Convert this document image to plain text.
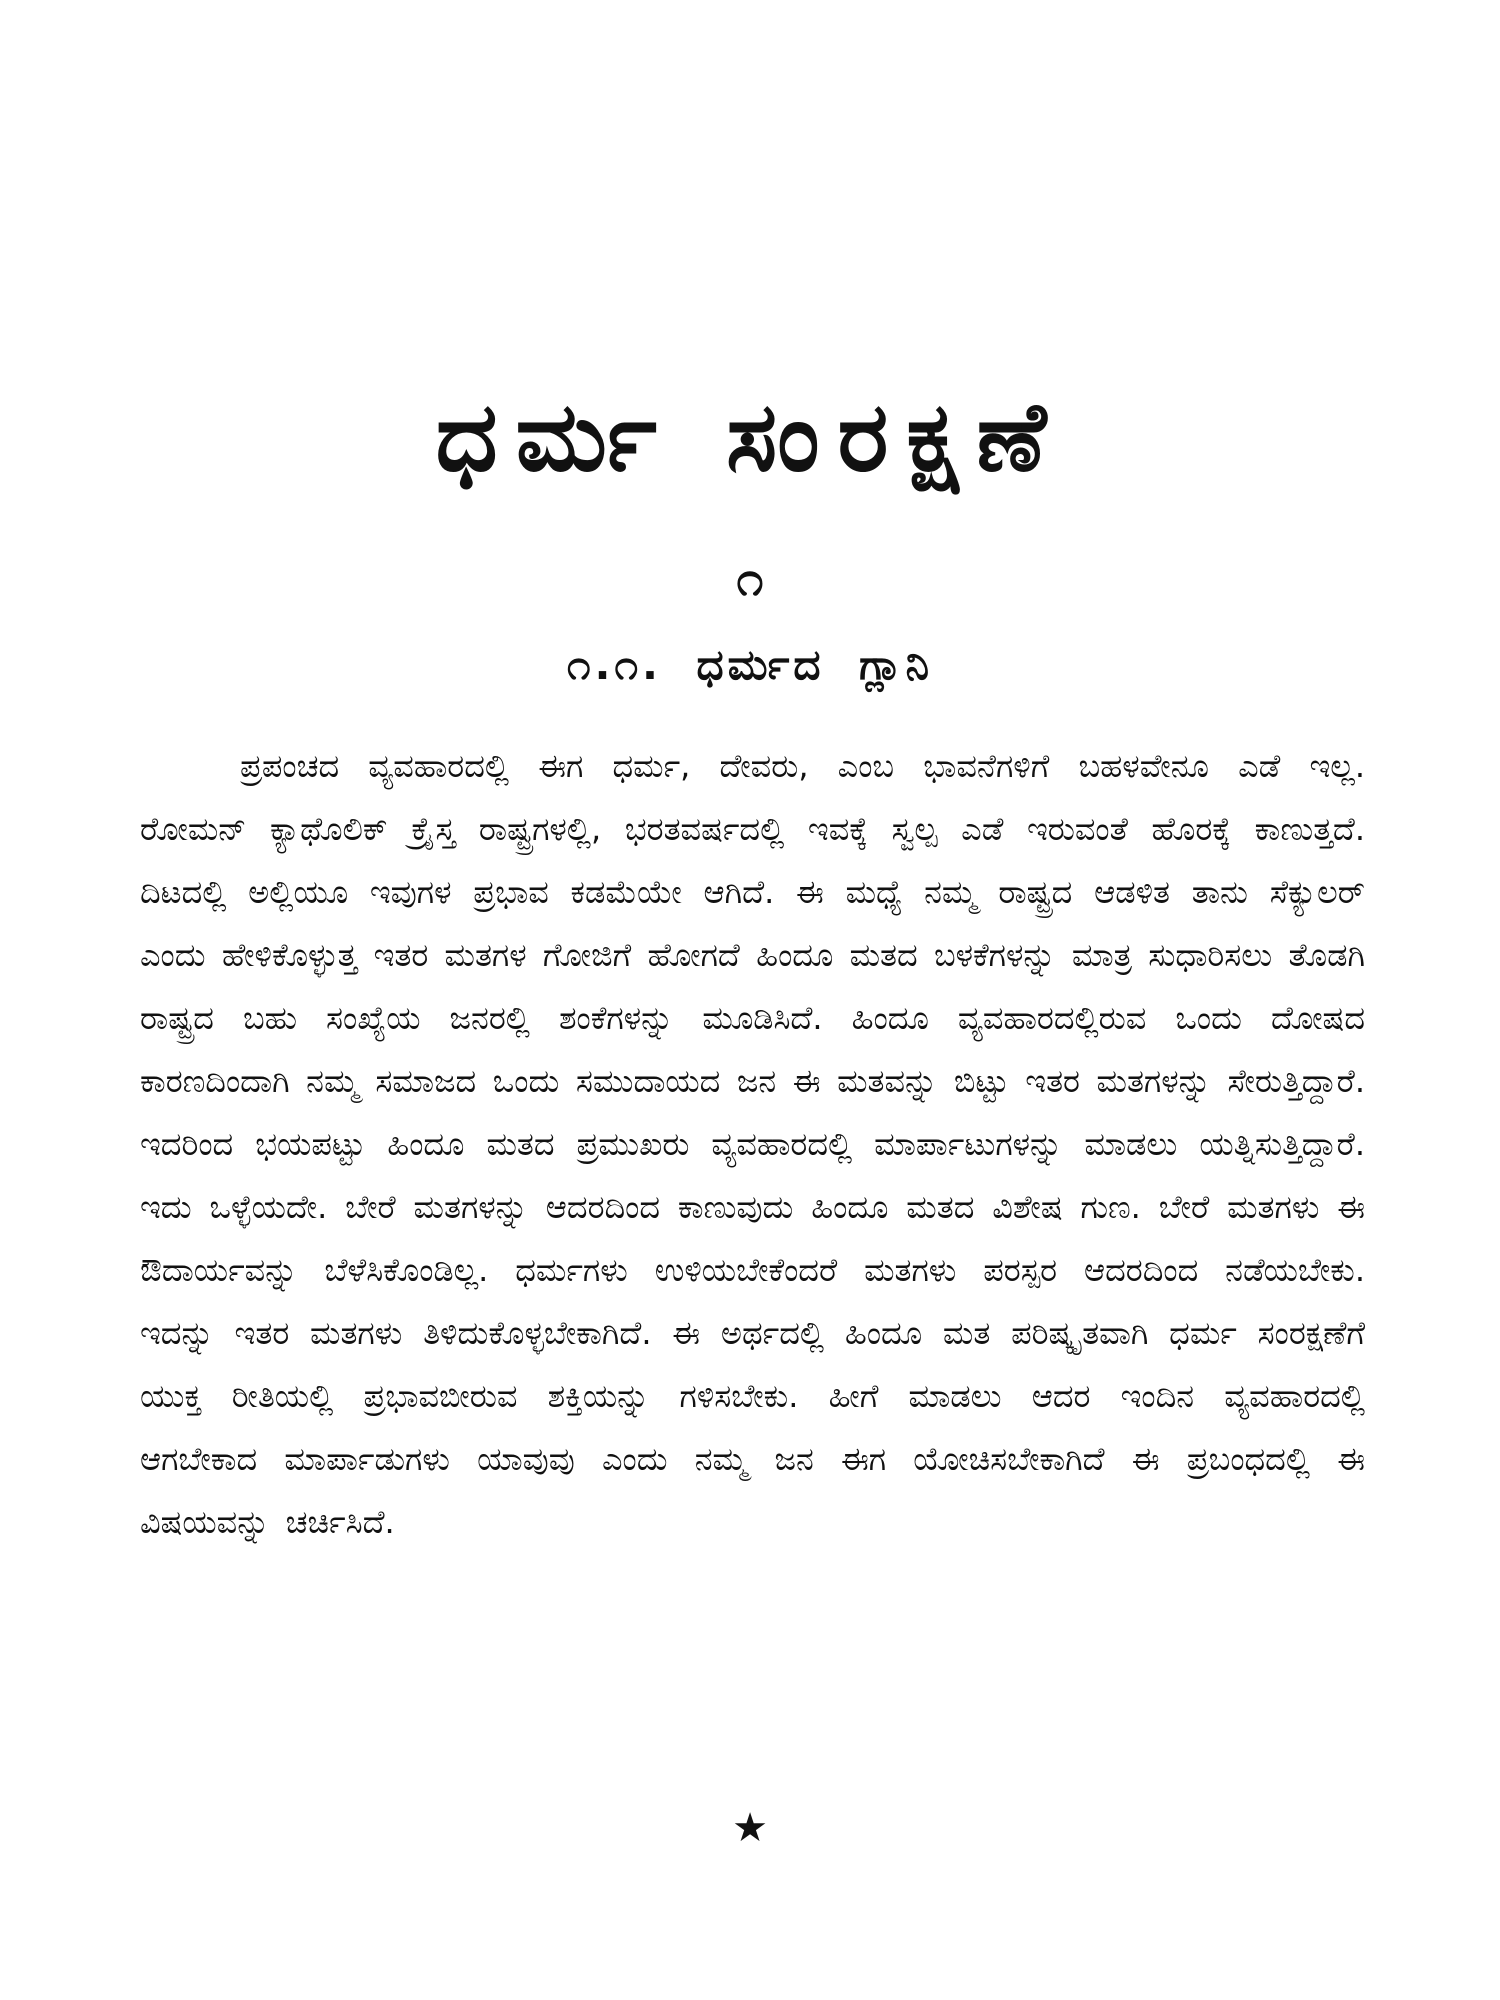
ಧರ್ಮ ಸಂರಕ್ಷಣೆ
೧
೧.೧. ಧರ್ಮದ ಗ್ಲಾನಿ

ಪ್ರಪಂಚದ ವ್ಯವಹಾರದಲ್ಲಿ ಈಗ ಧರ್ಮ, ದೇವರು, ಎಂಬ ಭಾವನೆಗಳಿಗೆ ಬಹಳವೇನೂ ಎಡೆ ಇಲ್ಲ. ರೋಮನ್ ಕ್ಯಾಥೊಲಿಕ್ ಕ್ರೈಸ್ತ ರಾಷ್ಟ್ರಗಳಲ್ಲಿ, ಭರತವರ್ಷದಲ್ಲಿ ಇವಕ್ಕೆ ಸ್ವಲ್ಪ ಎಡೆ ಇರುವಂತೆ ಹೊರಕ್ಕೆ ಕಾಣುತ್ತದೆ. ದಿಟದಲ್ಲಿ ಅಲ್ಲಿಯೂ ಇವುಗಳ ಪ್ರಭಾವ ಕಡಮೆಯೇ ಆಗಿದೆ. ಈ ಮಧ್ಯೆ ನಮ್ಮ ರಾಷ್ಟ್ರದ ಆಡಳಿತ ತಾನು ಸೆಕ್ಯುಲರ್ ಎಂದು ಹೇಳಿಕೊಳ್ಳುತ್ತ ಇತರ ಮತಗಳ ಗೋಜಿಗೆ ಹೋಗದೆ ಹಿಂದೂ ಮತದ ಬಳಕೆಗಳನ್ನು ಮಾತ್ರ ಸುಧಾರಿಸಲು ತೊಡಗಿ ರಾಷ್ಟ್ರದ ಬಹು ಸಂಖ್ಯೆಯ ಜನರಲ್ಲಿ ಶಂಕೆಗಳನ್ನು ಮೂಡಿಸಿದೆ. ಹಿಂದೂ ವ್ಯವಹಾರದಲ್ಲಿರುವ ಒಂದು ದೋಷದ ಕಾರಣದಿಂದಾಗಿ ನಮ್ಮ ಸಮಾಜದ ಒಂದು ಸಮುದಾಯದ ಜನ ಈ ಮತವನ್ನು ಬಿಟ್ಟು ಇತರ ಮತಗಳನ್ನು ಸೇರುತ್ತಿದ್ದಾರೆ. ಇದರಿಂದ ಭಯಪಟ್ಟು ಹಿಂದೂ ಮತದ ಪ್ರಮುಖರು ವ್ಯವಹಾರದಲ್ಲಿ ಮಾರ್ಪಾಟುಗಳನ್ನು ಮಾಡಲು ಯತ್ನಿಸುತ್ತಿದ್ದಾರೆ. ಇದು ಒಳ್ಳೆಯದೇ. ಬೇರೆ ಮತಗಳನ್ನು ಆದರದಿಂದ ಕಾಣುವುದು ಹಿಂದೂ ಮತದ ವಿಶೇಷ ಗುಣ. ಬೇರೆ ಮತಗಳು ಈ ಔದಾರ್ಯವನ್ನು ಬೆಳೆಸಿಕೊಂಡಿಲ್ಲ. ಧರ್ಮಗಳು ಉಳಿಯಬೇಕೆಂದರೆ ಮತಗಳು ಪರಸ್ಪರ ಆದರದಿಂದ ನಡೆಯಬೇಕು. ಇದನ್ನು ಇತರ ಮತಗಳು ತಿಳಿದುಕೊಳ್ಳಬೇಕಾಗಿದೆ. ಈ ಅರ್ಥದಲ್ಲಿ ಹಿಂದೂ ಮತ ಪರಿಷ್ಕೃತವಾಗಿ ಧರ್ಮ ಸಂರಕ್ಷಣೆಗೆ ಯುಕ್ತ ರೀತಿಯಲ್ಲಿ ಪ್ರಭಾವಬೀರುವ ಶಕ್ತಿಯನ್ನು ಗಳಿಸಬೇಕು. ಹೀಗೆ ಮಾಡಲು ಆದರ ಇಂದಿನ ವ್ಯವಹಾರದಲ್ಲಿ ಆಗಬೇಕಾದ ಮಾರ್ಪಾಡುಗಳು ಯಾವುವು ಎಂದು ನಮ್ಮ ಜನ ಈಗ ಯೋಚಿಸಬೇಕಾಗಿದೆ ಈ ಪ್ರಬಂಧದಲ್ಲಿ ಈ ವಿಷಯವನ್ನು ಚರ್ಚಿಸಿದೆ.

★
